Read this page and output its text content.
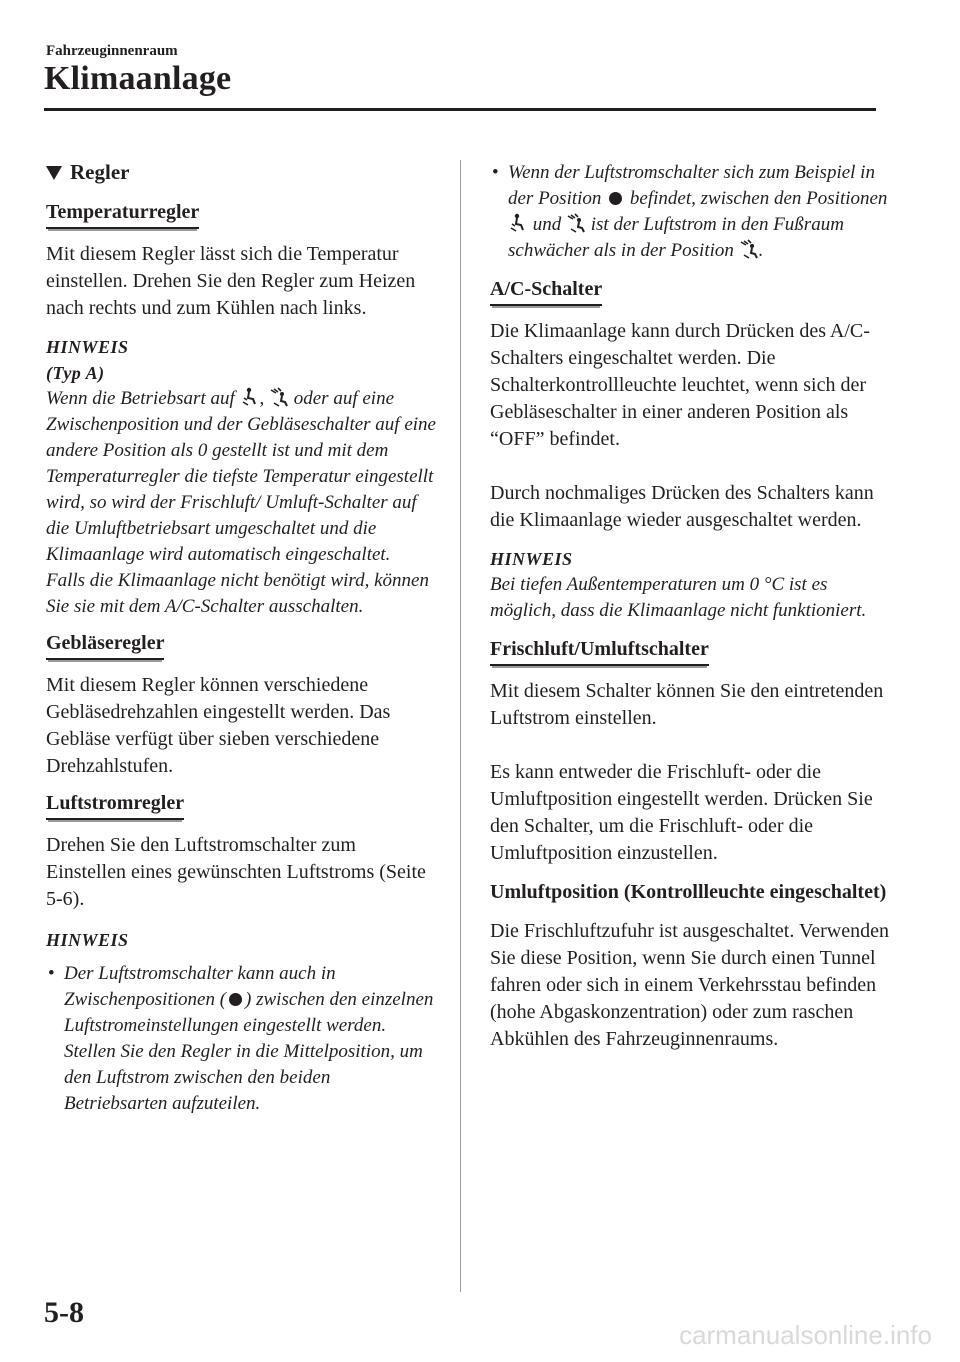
Fahrzeuginnenraum
Klimaanlage
Regler
Temperaturregler

Mit diesem Regler lässt sich die Temperatur einstellen. Drehen Sie den Regler zum Heizen nach rechts und zum Kühlen nach links.

HINWEIS

(Typ A)

Wenn die Betriebsart auf , oder auf eine Zwischenposition und der Gebläseschalter auf eine andere Position als 0 gestellt ist und mit dem Temperaturregler die tiefste Temperatur eingestellt wird, so wird der Frischluft/ Umluft-Schalter auf die Umluftbetriebsart umgeschaltet und die Klimaanlage wird automatisch eingeschaltet.

Falls die Klimaanlage nicht benötigt wird, können Sie sie mit dem A/C-Schalter ausschalten.

Gebläseregler

Mit diesem Regler können verschiedene Gebläsedrehzahlen eingestellt werden. Das Gebläse verfügt über sieben verschiedene Drehzahlstufen.

Luftstromregler

Drehen Sie den Luftstromschalter zum Einstellen eines gewünschten Luftstroms (Seite 5-6).

HINWEIS

• Der Luftstromschalter kann auch in Zwischenpositionen ( ) zwischen den einzelnen Luftstromeinstellungen eingestellt werden. Stellen Sie den Regler in die Mittelposition, um den Luftstrom zwischen den beiden Betriebsarten aufzuteilen.

• Wenn der Luftstromschalter sich zum Beispiel in der Position befindet, zwischen den Positionen
und ist der Luftstrom in den Fußraum schwächer als in der Position .

A/C-Schalter

Die Klimaanlage kann durch Drücken des A/C-Schalters eingeschaltet werden. Die Schalterkontrollleuchte leuchtet, wenn sich der Gebläseschalter in einer anderen Position als “OFF” befindet.

Durch nochmaliges Drücken des Schalters kann die Klimaanlage wieder ausgeschaltet werden.

HINWEIS

Bei tiefen Außentemperaturen um 0 °C ist es möglich, dass die Klimaanlage nicht funktioniert.

Frischluft/Umluftschalter

Mit diesem Schalter können Sie den eintretenden Luftstrom einstellen.

Es kann entweder die Frischluft- oder die Umluftposition eingestellt werden. Drücken Sie den Schalter, um die Frischluft- oder die Umluftposition einzustellen.

Umluftposition (Kontrollleuchte eingeschaltet)

Die Frischluftzufuhr ist ausgeschaltet. Verwenden Sie diese Position, wenn Sie durch einen Tunnel fahren oder sich in einem Verkehrsstau befinden (hohe Abgaskonzentration) oder zum raschen Abkühlen des Fahrzeuginnenraums.

5-8
carmanualsonline.info
